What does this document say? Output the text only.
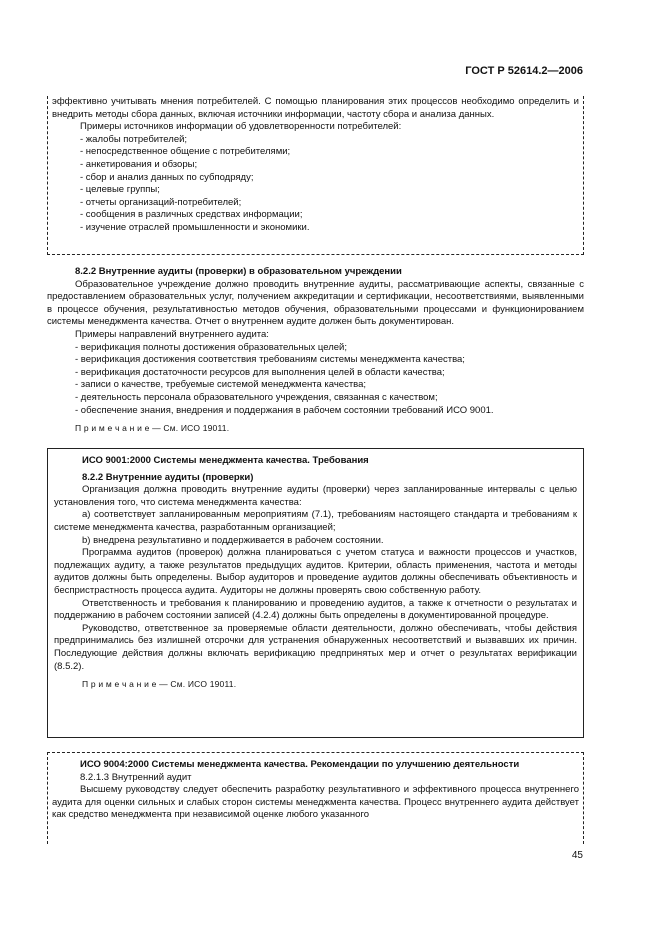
ГОСТ Р 52614.2—2006

эффективно учитывать мнения потребителей. С помощью планирования этих процессов необходимо определить и внедрить методы сбора данных, включая источники информации, частоту сбора и анализа данных.

Примеры источников информации об удовлетворенности потребителей:

- жалобы потребителей;

- непосредственное общение с потребителями;

- анкетирования и обзоры;

- сбор и анализ данных по субподряду;

- целевые группы;

- отчеты организаций-потребителей;

- сообщения в различных средствах информации;

- изучение отраслей промышленности и экономики.

8.2.2 Внутренние аудиты (проверки) в образовательном учреждении

Образовательное учреждение должно проводить внутренние аудиты, рассматривающие аспекты, связанные с предоставлением образовательных услуг, получением аккредитации и сертификации, несоответствиями, выявленными в процессе обучения, результативностью методов обучения, образовательными процессами и функционированием системы менеджмента качества. Отчет о внутреннем аудите должен быть документирован.

Примеры направлений внутреннего аудита:

- верификация полноты достижения образовательных целей;

- верификация достижения соответствия требованиям системы менеджмента качества;

- верификация достаточности ресурсов для выполнения целей в области качества;

- записи о качестве, требуемые системой менеджмента качества;

- деятельность персонала образовательного учреждения, связанная с качеством;

- обеспечение знания, внедрения и поддержания в рабочем состоянии требований ИСО 9001.

П р и м е ч а н и е — См. ИСО 19011.

ИСО 9001:2000 Системы менеджмента качества. Требования

8.2.2 Внутренние аудиты (проверки)

Организация должна проводить внутренние аудиты (проверки) через запланированные интервалы с целью установления того, что система менеджмента качества:

а) соответствует запланированным мероприятиям (7.1), требованиям настоящего стандарта и требованиям к системе менеджмента качества, разработанным организацией;

b) внедрена результативно и поддерживается в рабочем состоянии.

Программа аудитов (проверок) должна планироваться с учетом статуса и важности процессов и участков, подлежащих аудиту, а также результатов предыдущих аудитов. Критерии, область применения, частота и методы аудитов должны быть определены. Выбор аудиторов и проведение аудитов должны обеспечивать объективность и беспристрастность процесса аудита. Аудиторы не должны проверять свою собственную работу.

Ответственность и требования к планированию и проведению аудитов, а также к отчетности о результатах и поддержанию в рабочем состоянии записей (4.2.4) должны быть определены в документированной процедуре.

Руководство, ответственное за проверяемые области деятельности, должно обеспечивать, чтобы действия предпринимались без излишней отсрочки для устранения обнаруженных несоответствий и вызвавших их причин. Последующие действия должны включать верификацию предпринятых мер и отчет о результатах верификации (8.5.2).

П р и м е ч а н и е — См. ИСО 19011.

ИСО 9004:2000 Системы менеджмента качества. Рекомендации по улучшению деятельности

8.2.1.3 Внутренний аудит

Высшему руководству следует обеспечить разработку результативного и эффективного процесса внутреннего аудита для оценки сильных и слабых сторон системы менеджмента качества. Процесс внутреннего аудита действует как средство менеджмента при независимой оценке любого указанного

45
